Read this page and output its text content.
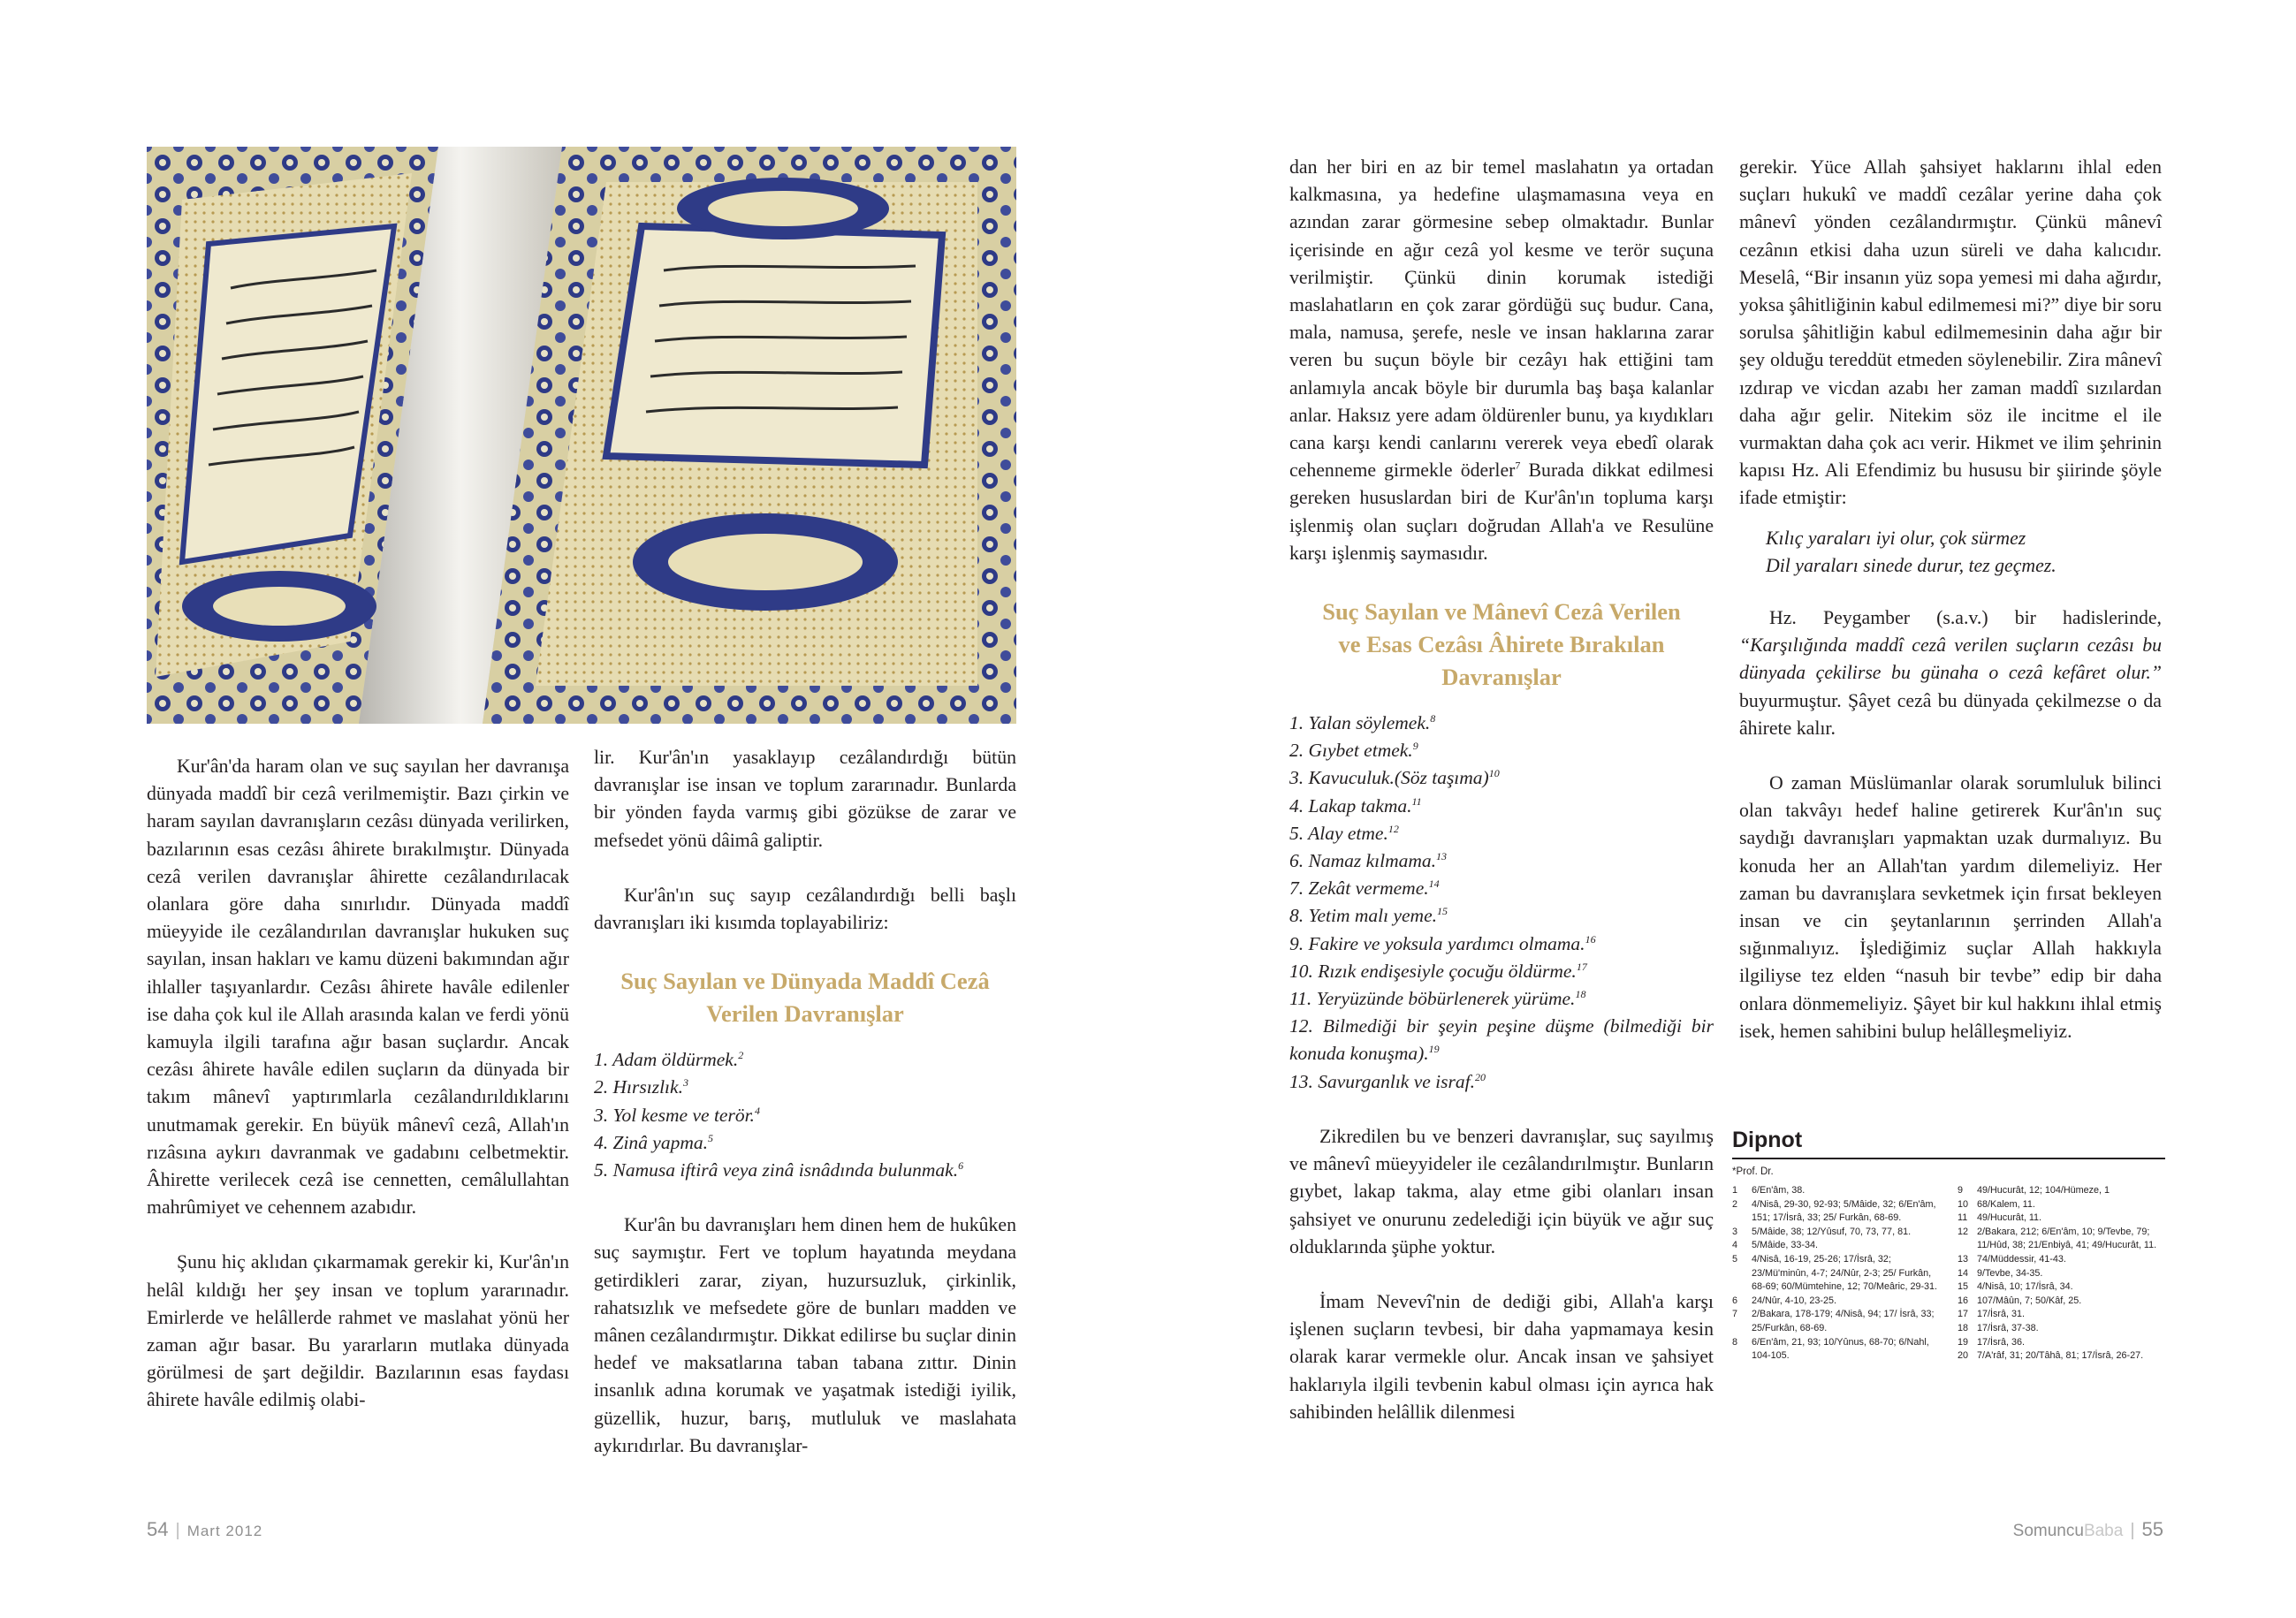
Kur'ân'da haram olan ve suç sayılan her davranışa dünyada maddî bir cezâ verilmemiştir. Bazı çirkin ve haram sayılan davranışların cezâsı dünyada verilirken, bazılarının esas cezâsı âhirete bırakılmıştır. Dünyada cezâ verilen davranışlar âhirette cezâlandırılacak olanlara göre daha sınırlıdır. Dünyada maddî müeyyide ile cezâlandırılan davranışlar hukuken suç sayılan, insan hakları ve kamu düzeni bakımından ağır ihlaller taşıyanlardır. Cezâsı âhirete havâle edilenler ise daha çok kul ile Allah arasında kalan ve ferdi yönü kamuyla ilgili tarafına ağır basan suçlardır. Ancak cezâsı âhirete havâle edilen suçların da dünyada bir takım mânevî yaptırımlarla cezâlandırıldıklarını unutmamak gerekir. En büyük mânevî cezâ, Allah'ın rızâsına aykırı davranmak ve gadabını celbetmektir. Âhirette verilecek cezâ ise cennetten, cemâlullahtan mahrûmiyet ve cehennem azabıdır.

Şunu hiç aklıdan çıkarmamak gerekir ki, Kur'ân'ın helâl kıldığı her şey insan ve toplum yararınadır. Emirlerde ve helâllerde rahmet ve maslahat yönü her zaman ağır basar. Bu yararların mutlaka dünyada görülmesi de şart değildir. Bazılarının esas faydası âhirete havâle edilmiş olabi-

lir. Kur'ân'ın yasaklayıp cezâlandırdığı bütün davranışlar ise insan ve toplum zararınadır. Bunlarda bir yönden fayda varmış gibi gözükse de zarar ve mefsedet yönü dâimâ galiptir.

Kur'ân'ın suç sayıp cezâlandırdığı belli başlı davranışları iki kısımda toplayabiliriz:

Suç Sayılan ve Dünyada Maddî Cezâ Verilen Davranışlar
1. Adam öldürmek.$^2$
2. Hırsızlık.$^3$
3. Yol kesme ve terör.$^4$
4. Zinâ yapma.$^5$
5. Namusa iftirâ veya zinâ isnâdında bulunmak.$^6$

Kur'ân bu davranışları hem dinen hem de hukûken suç saymıştır. Fert ve toplum hayatında meydana getirdikleri zarar, ziyan, huzursuzluk, çirkinlik, rahatsızlık ve mefsedete göre de bunları madden ve mânen cezâlandırmıştır. Dikkat edilirse bu suçlar dinin hedef ve maksatlarına taban tabana zıttır. Dinin insanlık adına korumak ve yaşatmak istediği iyilik, güzellik, huzur, barış, mutluluk ve maslahata aykırıdırlar. Bu davranışlar-

dan her biri en az bir temel maslahatın ya ortadan kalkmasına, ya hedefine ulaşmamasına veya en azından zarar görmesine sebep olmaktadır. Bunlar içerisinde en ağır cezâ yol kesme ve terör suçuna verilmiştir. Çünkü dinin korumak istediği maslahatların en çok zarar gördüğü suç budur. Cana, mala, namusa, şerefe, nesle ve insan haklarına zarar veren bu suçun böyle bir cezâyı hak ettiğini tam anlamıyla ancak böyle bir durumla baş başa kalanlar anlar. Haksız yere adam öldürenler bunu, ya kıydıkları cana karşı kendi canlarını vererek veya ebedî olarak cehenneme girmekle öderler$^7$ Burada dikkat edilmesi gereken hususlardan biri de Kur'ân'ın topluma karşı işlenmiş olan suçları doğrudan Allah'a ve Resulüne karşı işlenmiş saymasıdır.

Suç Sayılan ve Mânevî Cezâ Verilen ve Esas Cezâsı Âhirete Bırakılan Davranışlar
1. Yalan söylemek.$^8$
2. Gıybet etmek.$^9$
3. Kavuculuk.(Söz taşıma)$^{10}$
4. Lakap takma.$^{11}$
5. Alay etme.$^{12}$
6. Namaz kılmama.$^{13}$
7. Zekât vermeme.$^{14}$
8. Yetim malı yeme.$^{15}$
9. Fakire ve yoksula yardımcı olmama.$^{16}$
10. Rızık endişesiyle çocuğu öldürme.$^{17}$
11. Yeryüzünde böbürlenerek yürüme.$^{18}$
12. Bilmediği bir şeyin peşine düşme (bilmediği bir konuda konuşma).$^{19}$
13. Savurganlık ve israf.$^{20}$

Zikredilen bu ve benzeri davranışlar, suç sayılmış ve mânevî müeyyideler ile cezâlandırılmıştır. Bunların gıybet, lakap takma, alay etme gibi olanları insan şahsiyet ve onurunu zedelediği için büyük ve ağır suç olduklarında şüphe yoktur.

İmam Nevevî'nin de dediği gibi, Allah'a karşı işlenen suçların tevbesi, bir daha yapmamaya kesin olarak karar vermekle olur. Ancak insan ve şahsiyet haklarıyla ilgili tevbenin kabul olması için ayrıca hak sahibinden helâllik dilenmesi

gerekir. Yüce Allah şahsiyet haklarını ihlal eden suçları hukukî ve maddî cezâlar yerine daha çok mânevî yönden cezâlandırmıştır. Çünkü mânevî cezânın etkisi daha uzun süreli ve daha kalıcıdır. Meselâ, “Bir insanın yüz sopa yemesi mi daha ağırdır, yoksa şâhitliğinin kabul edilmemesi mi?” diye bir soru sorulsa şâhitliğin kabul edilmemesinin daha ağır bir şey olduğu tereddüt etmeden söylenebilir. Zira mânevî ızdırap ve vicdan azabı her zaman maddî sızılardan daha ağır gelir. Nitekim söz ile incitme el ile vurmaktan daha çok acı verir. Hikmet ve ilim şehrinin kapısı Hz. Ali Efendimiz bu hususu bir şiirinde şöyle ifade etmiştir:

Kılıç yaraları iyi olur, çok sürmez
Dil yaraları sinede durur, tez geçmez.

Hz. Peygamber (s.a.v.) bir hadislerinde, “Karşılığında maddî cezâ verilen suçların cezâsı bu dünyada çekilirse bu günaha o cezâ kefâret olur.” buyurmuştur. Şâyet cezâ bu dünyada çekilmezse o da âhirete kalır.

O zaman Müslümanlar olarak sorumluluk bilinci olan takvâyı hedef haline getirerek Kur'ân'ın suç saydığı davranışları yapmaktan uzak durmalıyız. Bu konuda her an Allah'tan yardım dilemeliyiz. Her zaman bu davranışlara sevketmek için fırsat bekleyen insan ve cin şeytanlarının şerrinden Allah'a sığınmalıyız. İşlediğimiz suçlar Allah hakkıyla ilgiliyse tez elden “nasuh bir tevbe” edip bir daha onlara dönmemeliyiz. Şâyet bir kul hakkını ihlal etmiş isek, hemen sahibini bulup helâlleşmeliyiz.

Dipnot
*Prof. Dr.
1	6/En'âm, 38.
2	4/Nisâ, 29-30, 92-93; 5/Mâide, 32; 6/En'âm, 151; 17/İsrâ, 33; 25/ Furkân, 68-69.
3	5/Mâide, 38; 12/Yûsuf, 70, 73, 77, 81.
4	5/Mâide, 33-34.
5	4/Nisâ, 16-19, 25-26; 17/İsrâ, 32; 23/Mü'minûn, 4-7; 24/Nûr, 2-3; 25/ Furkân, 68-69; 60/Mümtehine, 12; 70/Meâric, 29-31.
6	24/Nûr, 4-10, 23-25.
7	2/Bakara, 178-179; 4/Nisâ, 94; 17/ İsrâ, 33; 25/Furkân, 68-69.
8	6/En'âm, 21, 93; 10/Yûnus, 68-70; 6/Nahl, 104-105.
9	49/Hucurât, 12; 104/Hümeze, 1
10 68/Kalem, 11.
11 49/Hucurât, 11.
12 2/Bakara, 212; 6/En'âm, 10; 9/Tevbe, 79; 11/Hûd, 38; 21/Enbiyâ, 41; 49/Hucurât, 11.
13 74/Müddessir, 41-43.
14 9/Tevbe, 34-35.
15 4/Nisâ, 10; 17/İsrâ, 34.
16 107/Mâûn, 7; 50/Kâf, 25.
17 17/İsrâ, 31.
18 17/İsrâ, 37-38.
19 17/İsrâ, 36.
20 7/A'râf, 31; 20/Tâhâ, 81; 17/İsrâ, 26-27.
54 | Mart 2012	SomuncuBaba | 55
